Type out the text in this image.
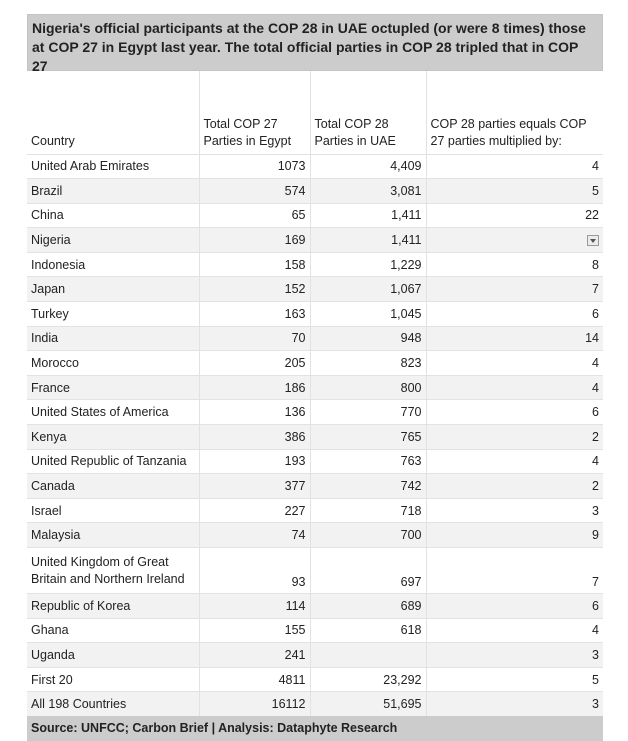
Nigeria's official participants at the COP 28 in UAE octupled (or were 8 times) those at COP 27 in Egypt last year. The total official parties in COP 28 tripled that in COP 27
Country	Total COP 27 Parties in Egypt	Total COP 28 Parties in UAE	COP 28 parties equals COP 27 parties multiplied by:
United Arab Emirates	1073	4,409	4
Brazil	574	3,081	5
China	65	1,411	22
Nigeria	169	1,411	
Indonesia	158	1,229	8
Japan	152	1,067	7
Turkey	163	1,045	6
India	70	948	14
Morocco	205	823	4
France	186	800	4
United States of America	136	770	6
Kenya	386	765	2
United Republic of Tanzania	193	763	4
Canada	377	742	2
Israel	227	718	3
Malaysia	74	700	9
United Kingdom of Great Britain and Northern Ireland	93	697	7
Republic of Korea	114	689	6
Ghana	155	618	4
Uganda	241		3
First 20	4811	23,292	5
All 198 Countries	16112	51,695	3
Source: UNFCC; Carbon Brief | Analysis: Dataphyte Research
